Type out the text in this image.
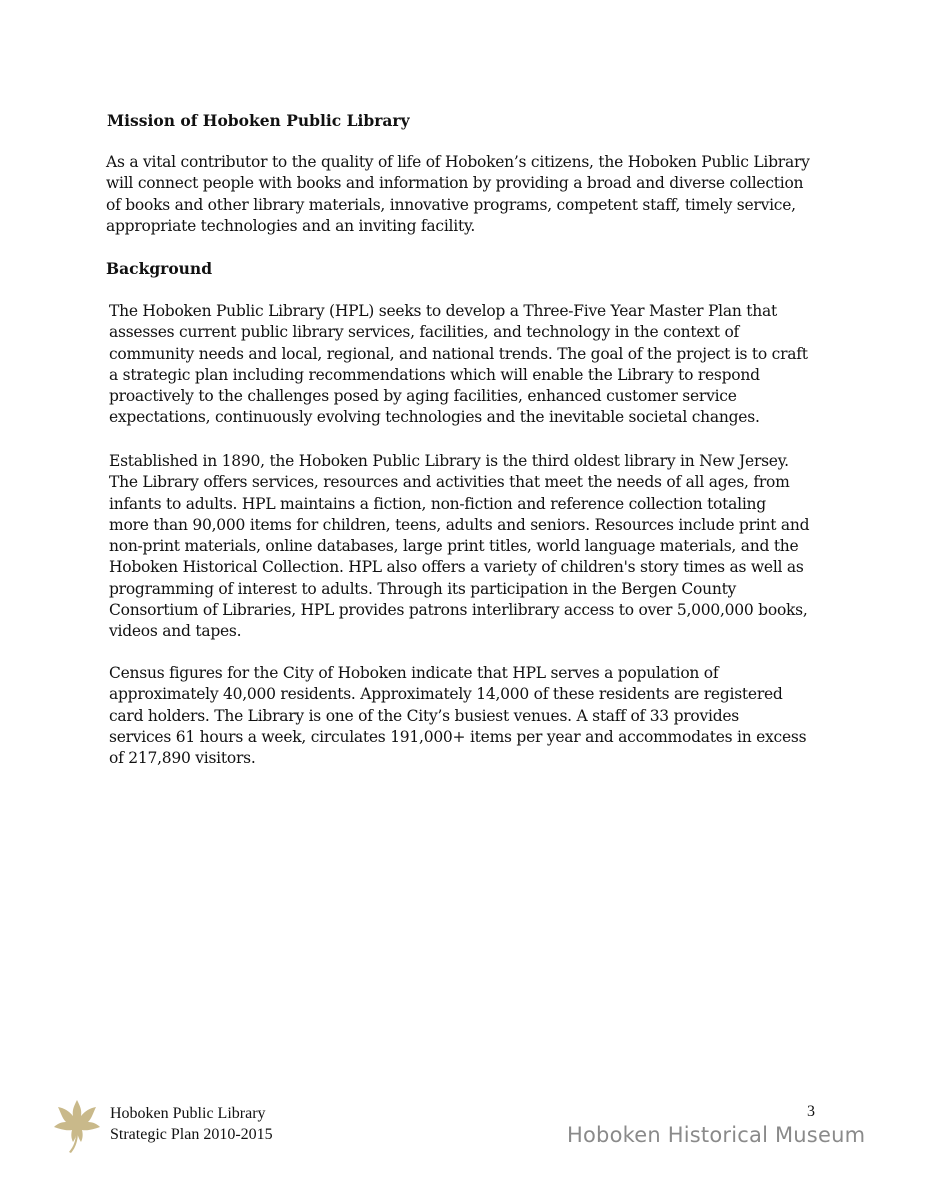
Mission of Hoboken Public Library

As a vital contributor to the quality of life of Hoboken’s citizens, the Hoboken Public Library
will connect people with books and information by providing a broad and diverse collection
of books and other library materials, innovative programs, competent staff, timely service,
appropriate technologies and an inviting facility.

Background

The Hoboken Public Library (HPL) seeks to develop a Three-Five Year Master Plan that
assesses current public library services, facilities, and technology in the context of
community needs and local, regional, and national trends. The goal of the project is to craft
a strategic plan including recommendations which will enable the Library to respond
proactively to the challenges posed by aging facilities, enhanced customer service
expectations, continuously evolving technologies and the inevitable societal changes.

Established in 1890, the Hoboken Public Library is the third oldest library in New Jersey.
The Library offers services, resources and activities that meet the needs of all ages, from
infants to adults. HPL maintains a fiction, non-fiction and reference collection totaling
more than 90,000 items for children, teens, adults and seniors. Resources include print and
non-print materials, online databases, large print titles, world language materials, and the
Hoboken Historical Collection. HPL also offers a variety of children's story times as well as
programming of interest to adults. Through its participation in the Bergen County
Consortium of Libraries, HPL provides patrons interlibrary access to over 5,000,000 books,
videos and tapes.

Census figures for the City of Hoboken indicate that HPL serves a population of
approximately 40,000 residents. Approximately 14,000 of these residents are registered
card holders. The Library is one of the City’s busiest venues. A staff of 33 provides
services 61 hours a week, circulates 191,000+ items per year and accommodates in excess
of 217,890 visitors.

Hoboken Public Library
Strategic Plan 2010-2015
3
Hoboken Historical Museum
